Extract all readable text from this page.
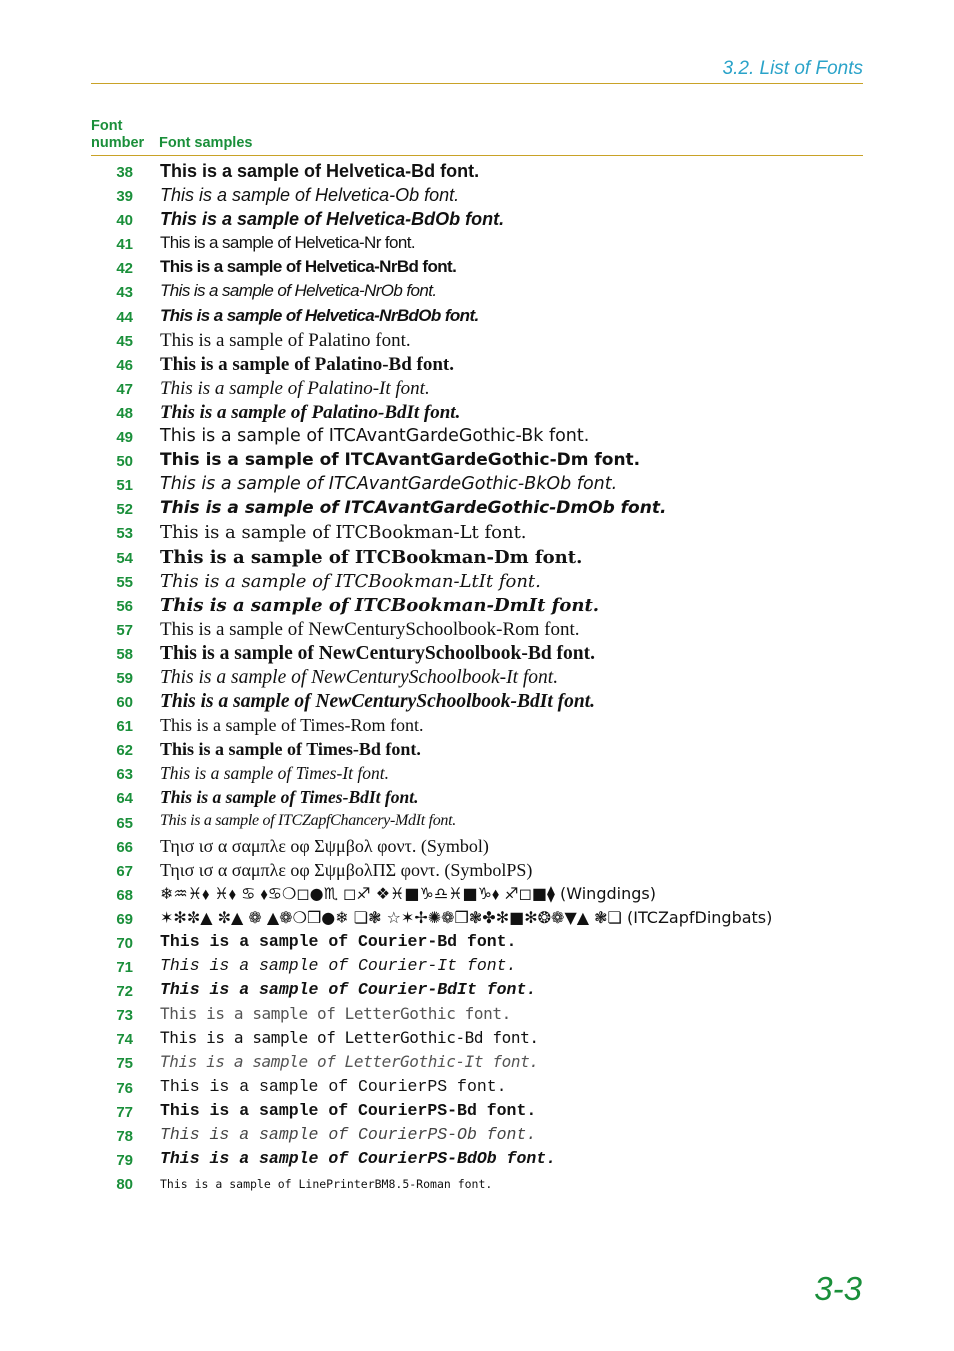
3.2. List of Fonts
Font
number Font samples
38 This is a sample of Helvetica-Bd font.
39 This is a sample of Helvetica-Ob font.
40 This is a sample of Helvetica-BdOb font.
41 This is a sample of Helvetica-Nr font.
42 This is a sample of Helvetica-NrBd font.
43 This is a sample of Helvetica-NrOb font.
44 This is a sample of Helvetica-NrBdOb font.
45 This is a sample of Palatino font.
46 This is a sample of Palatino-Bd font.
47 This is a sample of Palatino-It font.
48 This is a sample of Palatino-BdIt font.
49 This is a sample of ITCAvantGardeGothic-Bk font.
50 This is a sample of ITCAvantGardeGothic-Dm font.
51 This is a sample of ITCAvantGardeGothic-BkOb font.
52 This is a sample of ITCAvantGardeGothic-DmOb font.
53 This is a sample of ITCBookman-Lt font.
54 This is a sample of ITCBookman-Dm font.
55 This is a sample of ITCBookman-LtIt font.
56 This is a sample of ITCBookman-DmIt font.
57 This is a sample of NewCenturySchoolbook-Rom font.
58 This is a sample of NewCenturySchoolbook-Bd font.
59 This is a sample of NewCenturySchoolbook-It font.
60 This is a sample of NewCenturySchoolbook-BdIt font.
61 This is a sample of Times-Rom font.
62 This is a sample of Times-Bd font.
63 This is a sample of Times-It font.
64 This is a sample of Times-BdIt font.
65 This is a sample of ITCZapfChancery-MdIt font.
66 Τηισ ισ α σαμπλε οφ Σψμβολ φοντ. (Symbol)
67 Τηισ ισ α σαμπλε οφ ΣψμβολΠΣ φοντ. (SymbolPS)
68 ❄♒♓⬧ ♓⬧ ♋ ⬧♋❍◻●♏ ◻♐ ❖♓■♑♎♓■♑⬧ ♐◻■⧫ (Wingdings)
69 ✶✻✼▲ ✼▲ ❁ ▲❁❍❒●❄ ❏❃ ☆✶✢✺❁❒❃✤✻■✻❂❁▼▲ ❃❏ (ITCZapfDingbats)
70 This is a sample of Courier-Bd font.
71 This is a sample of Courier-It font.
72 This is a sample of Courier-BdIt font.
73 This is a sample of LetterGothic font.
74 This is a sample of LetterGothic-Bd font.
75 This is a sample of LetterGothic-It font.
76 This is a sample of CourierPS font.
77 This is a sample of CourierPS-Bd font.
78 This is a sample of CourierPS-Ob font.
79 This is a sample of CourierPS-BdOb font.
80 This is a sample of LinePrinterBM8.5-Roman font.
3-3
